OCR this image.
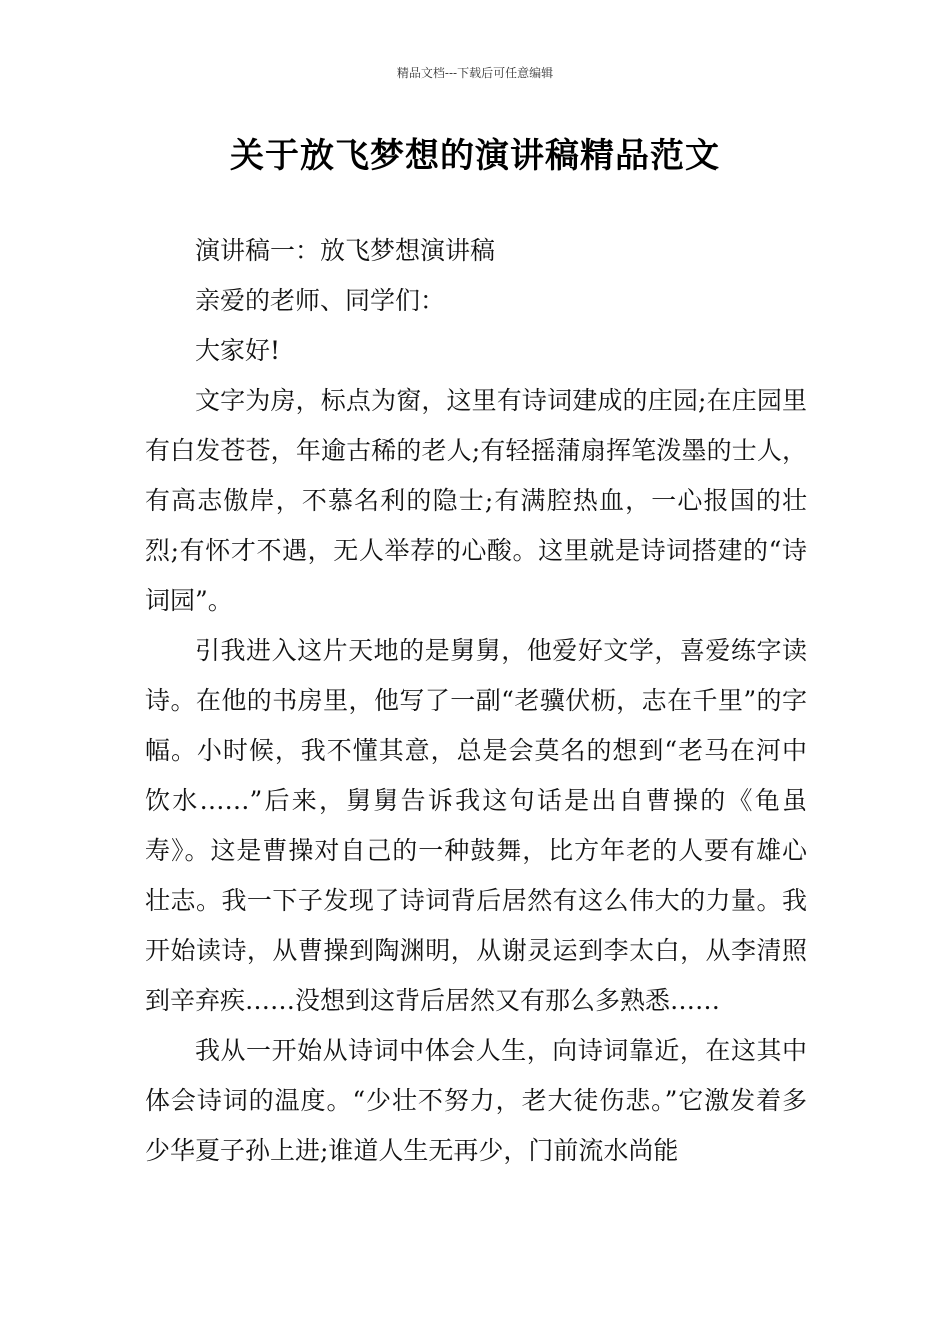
精品文档---下载后可任意编辑
关于放飞梦想的演讲稿精品范文

演讲稿一：放飞梦想演讲稿

亲爱的老师、同学们：

大家好!

文字为房，标点为窗，这里有诗词建成的庄园;在庄园里有白发苍苍，年逾古稀的老人;有轻摇蒲扇挥笔泼墨的士人，有高志傲岸，不慕名利的隐士;有满腔热血，一心报国的壮烈;有怀才不遇，无人举荐的心酸。这里就是诗词搭建的“诗词园”。

引我进入这片天地的是舅舅，他爱好文学，喜爱练字读诗。在他的书房里，他写了一副“老骥伏枥，志在千里”的字幅。小时候，我不懂其意，总是会莫名的想到“老马在河中饮水……”后来，舅舅告诉我这句话是出自曹操的《龟虽寿》。这是曹操对自己的一种鼓舞，比方年老的人要有雄心壮志。我一下子发现了诗词背后居然有这么伟大的力量。我开始读诗，从曹操到陶渊明，从谢灵运到李太白，从李清照到辛弃疾……没想到这背后居然又有那么多熟悉……

我从一开始从诗词中体会人生，向诗词靠近，在这其中体会诗词的温度。“少壮不努力，老大徒伤悲。”它激发着多少华夏子孙上进;谁道人生无再少，门前流水尚能
